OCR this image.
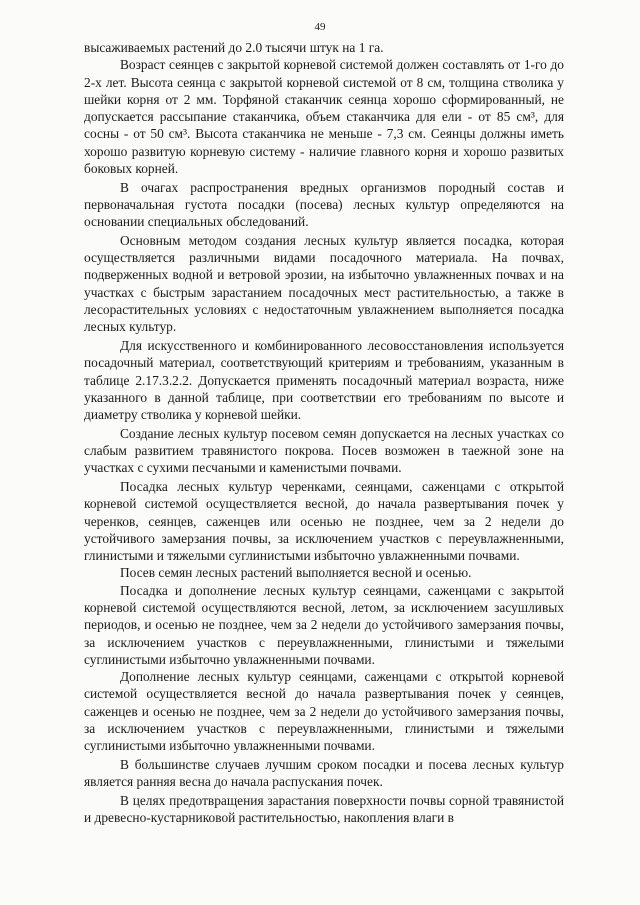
49

высаживаемых растений до 2.0 тысячи штук на 1 га.

Возраст сеянцев с закрытой корневой системой должен составлять от 1-го до 2-х лет. Высота сеянца с закрытой корневой системой от 8 см, толщина стволика у шейки корня от 2 мм. Торфяной стаканчик сеянца хорошо сформированный, не допускается рассыпание стаканчика, объем стаканчика для ели - от 85 см³, для сосны - от 50 см³. Высота стаканчика не меньше - 7,3 см. Сеянцы должны иметь хорошо развитую корневую систему - наличие главного корня и хорошо развитых боковых корней.

В очагах распространения вредных организмов породный состав и первоначальная густота посадки (посева) лесных культур определяются на основании специальных обследований.

Основным методом создания лесных культур является посадка, которая осуществляется различными видами посадочного материала. На почвах, подверженных водной и ветровой эрозии, на избыточно увлажненных почвах и на участках с быстрым зарастанием посадочных мест растительностью, а также в лесорастительных условиях с недостаточным увлажнением выполняется посадка лесных культур.

Для искусственного и комбинированного лесовосстановления используется посадочный материал, соответствующий критериям и требованиям, указанным в таблице 2.17.3.2.2. Допускается применять посадочный материал возраста, ниже указанного в данной таблице, при соответствии его требованиям по высоте и диаметру стволика у корневой шейки.

Создание лесных культур посевом семян допускается на лесных участках со слабым развитием травянистого покрова. Посев возможен в таежной зоне на участках с сухими песчаными и каменистыми почвами.

Посадка лесных культур черенками, сеянцами, саженцами с открытой корневой системой осуществляется весной, до начала развертывания почек у черенков, сеянцев, саженцев или осенью не позднее, чем за 2 недели до устойчивого замерзания почвы, за исключением участков с переувлажненными, глинистыми и тяжелыми суглинистыми избыточно увлажненными почвами.

Посев семян лесных растений выполняется весной и осенью.

Посадка и дополнение лесных культур сеянцами, саженцами с закрытой корневой системой осуществляются весной, летом, за исключением засушливых периодов, и осенью не позднее, чем за 2 недели до устойчивого замерзания почвы, за исключением участков с переувлажненными, глинистыми и тяжелыми суглинистыми избыточно увлажненными почвами.

Дополнение лесных культур сеянцами, саженцами с открытой корневой системой осуществляется весной до начала развертывания почек у сеянцев, саженцев и осенью не позднее, чем за 2 недели до устойчивого замерзания почвы, за исключением участков с переувлажненными, глинистыми и тяжелыми суглинистыми избыточно увлажненными почвами.

В большинстве случаев лучшим сроком посадки и посева лесных культур является ранняя весна до начала распускания почек.

В целях предотвращения зарастания поверхности почвы сорной травянистой и древесно-кустарниковой растительностью, накопления влаги в
